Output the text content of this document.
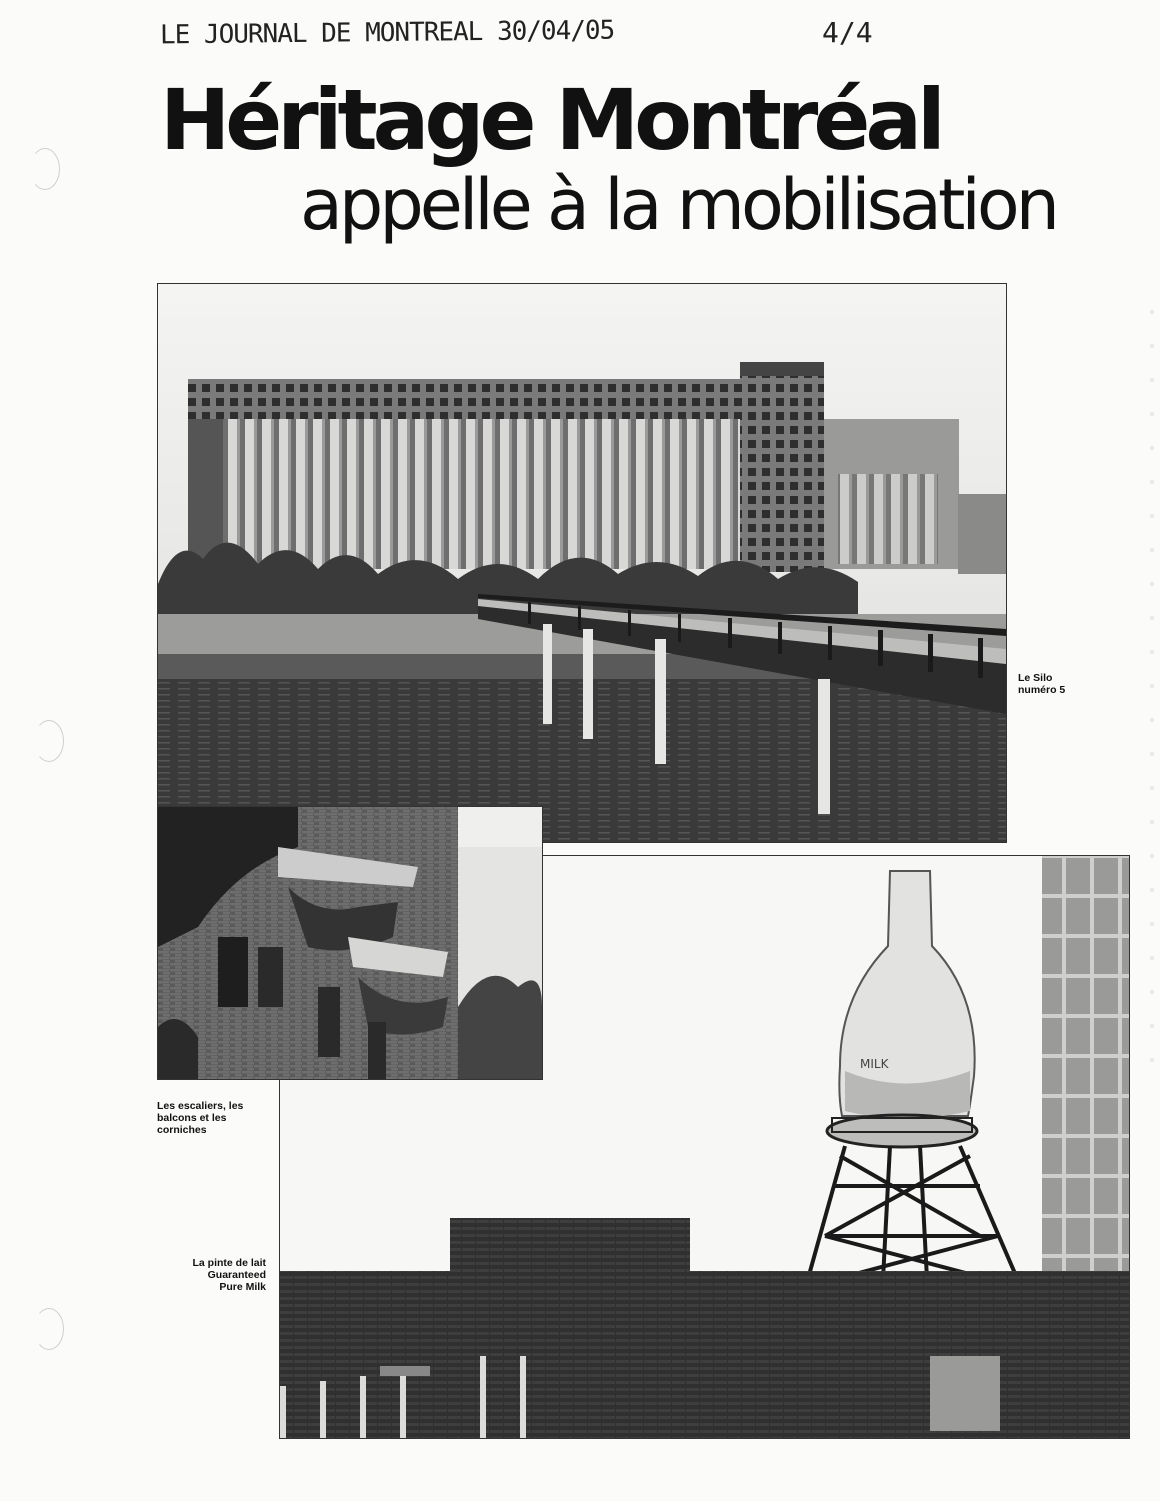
LE JOURNAL DE MONTREAL 30/04/05	4/4
Héritage Montréal
appelle à la mobilisation
Le Silo
numéro 5
Les escaliers, les
balcons et les
corniches
MILK
La pinte de lait
Guaranteed
Pure Milk
